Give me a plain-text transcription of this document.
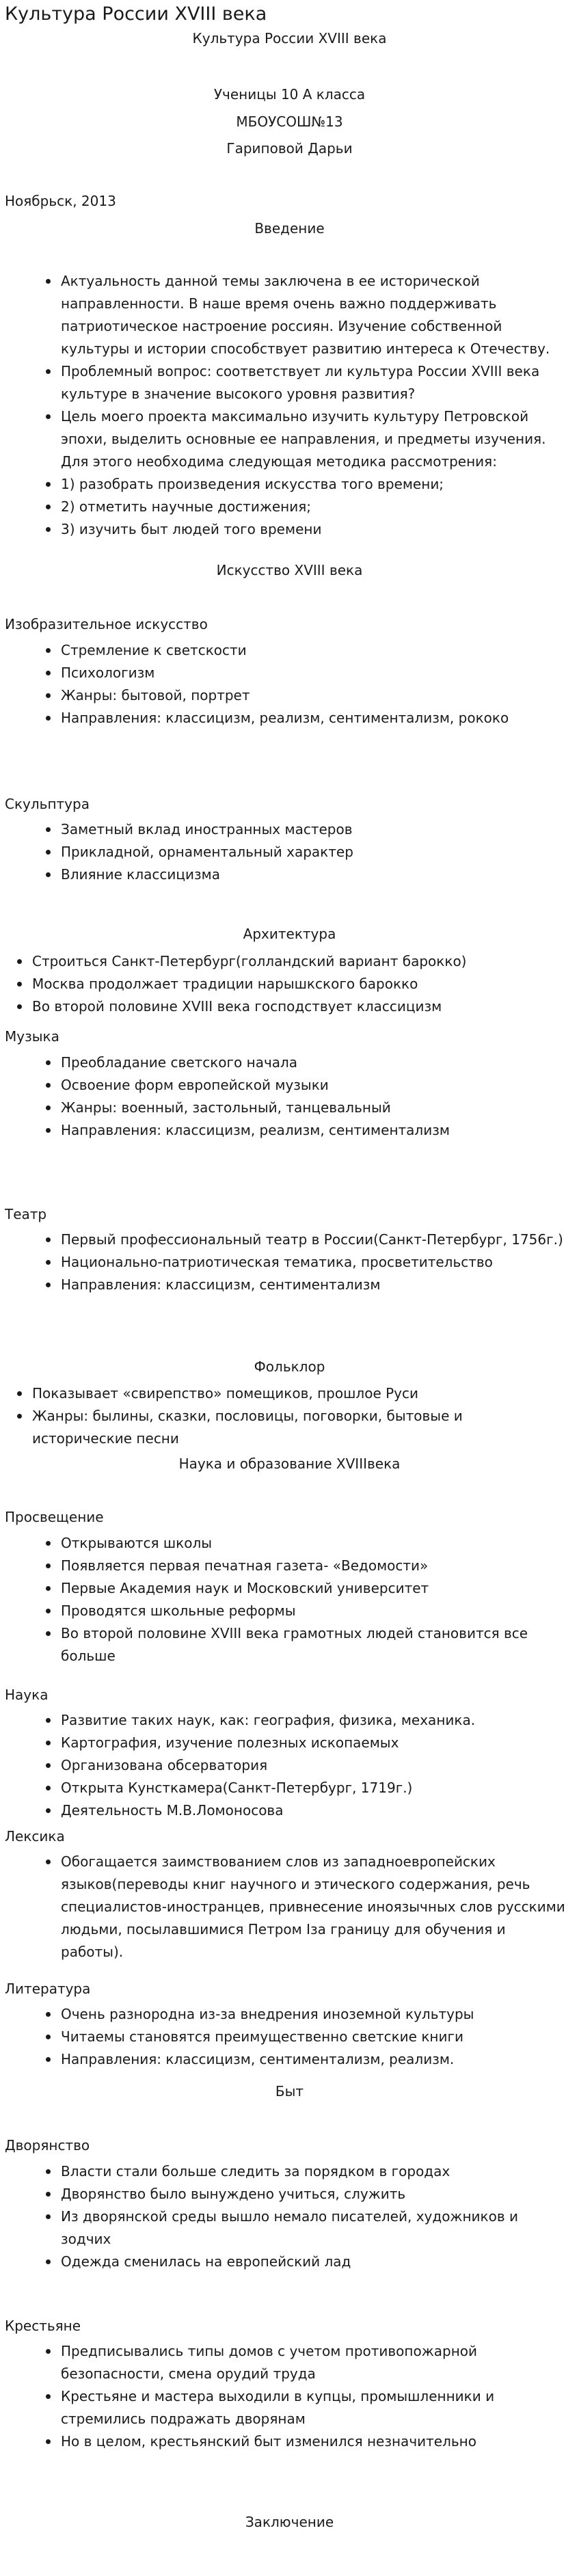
Культура России XVIII века

Культура России XVIII века

Ученицы 10 А класса

МБОУСОШ№13

Гариповой Дарьи

Ноябрьск, 2013

Введение

Актуальность данной темы заключена в ее исторической направленности. В наше время очень важно поддерживать патриотическое настроение россиян. Изучение собственной культуры и истории способствует развитию интереса к Отечеству.
Проблемный вопрос: соответствует ли культура России XVIII века культуре в значение высокого уровня развития?
Цель моего проекта максимально изучить культуру Петровской эпохи, выделить основные ее направления, и предметы изучения. Для этого необходима следующая методика рассмотрения:
1) разобрать произведения искусства того времени;
2) отметить научные достижения;
3) изучить быт людей того времени

Искусство XVIII века

Изобразительное искусство

Стремление к светскости
Психологизм
Жанры: бытовой, портрет
Направления: классицизм, реализм, сентиментализм, рококо

Скульптура

Заметный вклад иностранных мастеров
Прикладной, орнаментальный характер
Влияние классицизма

Архитектура

Строиться Санкт-Петербург(голландский вариант барокко)
Москва продолжает традиции нарышкского барокко
Во второй половине XVIII века господствует классицизм

Музыка

Преобладание светского начала
Освоение форм европейской музыки
Жанры: военный, застольный, танцевальный
Направления: классицизм, реализм, сентиментализм

Театр

Первый профессиональный театр в России(Санкт-Петербург, 1756г.)
Национально-патриотическая тематика, просветительство
Направления: классицизм, сентиментализм

Фольклор

Показывает «свирепство» помещиков, прошлое Руси
Жанры: былины, сказки, пословицы, поговорки, бытовые и исторические песни

Наука и образование XVIIIвека

Просвещение

Открываются школы
Появляется первая печатная газета- «Ведомости»
Первые Академия наук и Московский университет
Проводятся школьные реформы
Во второй половине XVIII века грамотных людей становится все больше

Наука

Развитие таких наук, как: география, физика, механика.
Картография, изучение полезных ископаемых
Организована обсерватория
Открыта Кунсткамера(Санкт-Петербург, 1719г.)
Деятельность М.В.Ломоносова

Лексика

Обогащается заимствованием слов из западноевропейских языков(переводы книг научного и этического содержания, речь специалистов-иностранцев, привнесение иноязычных слов русскими людьми, посылавшимися Петром Iза границу для обучения и работы).

Литература

Очень разнородна из-за внедрения иноземной культуры
Читаемы становятся преимущественно светские книги
Направления: классицизм, сентиментализм, реализм.

Быт

Дворянство

Власти стали больше следить за порядком в городах
Дворянство было вынуждено учиться, служить
Из дворянской среды вышло немало писателей, художников и зодчих
Одежда сменилась на европейский лад

Крестьяне

Предписывались типы домов с учетом противопожарной безопасности, смена орудий труда
Крестьяне и мастера выходили в купцы, промышленники и стремились подражать дворянам
Но в целом, крестьянский быт изменился незначительно

Заключение
